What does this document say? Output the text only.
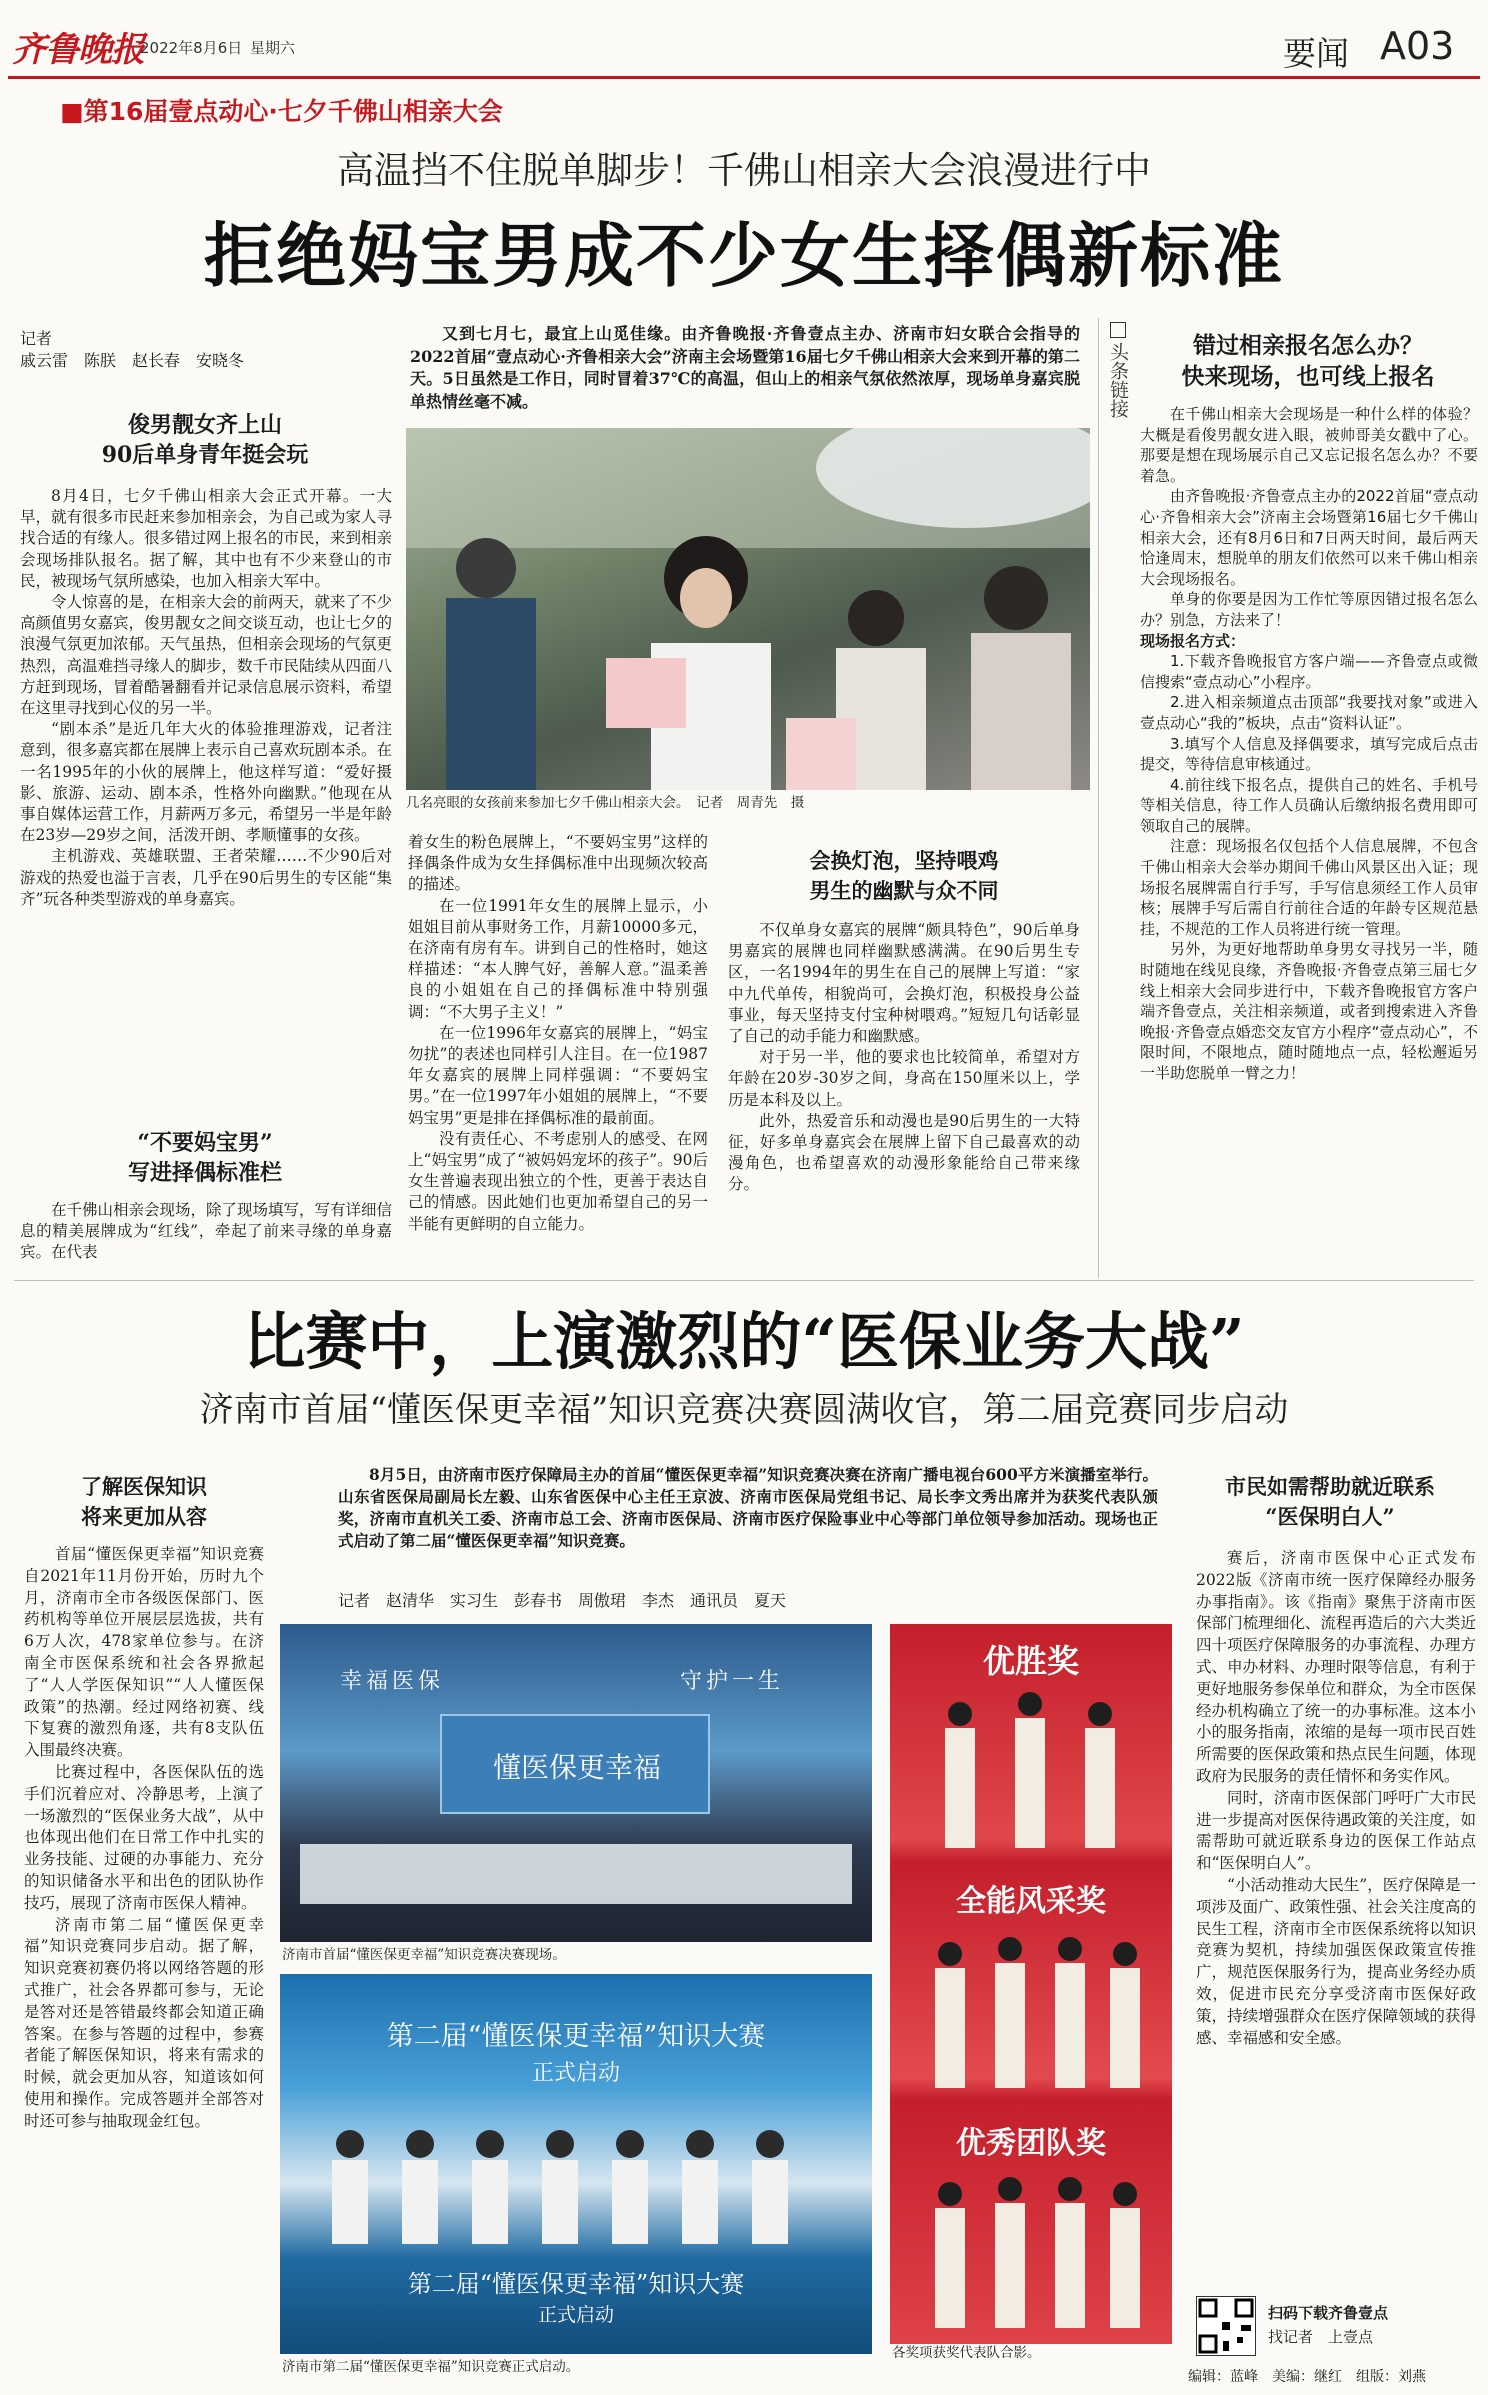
齐鲁晚报
2022年8月6日 星期六	要闻 A03
■第16届壹点动心·七夕千佛山相亲大会
高温挡不住脱单脚步！千佛山相亲大会浪漫进行中
拒绝妈宝男成不少女生择偶新标准
记者
戚云雷　陈朕　赵长春　安晓冬
又到七月七，最宜上山觅佳缘。由齐鲁晚报·齐鲁壹点主办、济南市妇女联合会指导的2022首届“壹点动心·齐鲁相亲大会”济南主会场暨第16届七夕千佛山相亲大会来到开幕的第二天。5日虽然是工作日，同时冒着37℃的高温，但山上的相亲气氛依然浓厚，现场单身嘉宾脱单热情丝毫不减。
几名亮眼的女孩前来参加七夕千佛山相亲大会。　记者　周青先　摄
俊男靓女齐上山
90后单身青年挺会玩

8月4日，七夕千佛山相亲大会正式开幕。一大早，就有很多市民赶来参加相亲会，为自己或为家人寻找合适的有缘人。很多错过网上报名的市民，来到相亲会现场排队报名。据了解，其中也有不少来登山的市民，被现场气氛所感染，也加入相亲大军中。

令人惊喜的是，在相亲大会的前两天，就来了不少高颜值男女嘉宾，俊男靓女之间交谈互动，也让七夕的浪漫气氛更加浓郁。天气虽热，但相亲会现场的气氛更热烈，高温难挡寻缘人的脚步，数千市民陆续从四面八方赶到现场，冒着酷暑翻看并记录信息展示资料，希望在这里寻找到心仪的另一半。

“剧本杀”是近几年大火的体验推理游戏，记者注意到，很多嘉宾都在展牌上表示自己喜欢玩剧本杀。在一名1995年的小伙的展牌上，他这样写道：“爱好摄影、旅游、运动、剧本杀，性格外向幽默。”他现在从事自媒体运营工作，月薪两万多元，希望另一半是年龄在23岁—29岁之间，活泼开朗、孝顺懂事的女孩。

主机游戏、英雄联盟、王者荣耀……不少90后对游戏的热爱也溢于言表，几乎在90后男生的专区能“集齐”玩各种类型游戏的单身嘉宾。

“不要妈宝男”
写进择偶标准栏

在千佛山相亲会现场，除了现场填写，写有详细信息的精美展牌成为“红线”，牵起了前来寻缘的单身嘉宾。在代表

着女生的粉色展牌上，“不要妈宝男”这样的择偶条件成为女生择偶标准中出现频次较高的描述。

在一位1991年女生的展牌上显示，小姐姐目前从事财务工作，月薪10000多元，在济南有房有车。讲到自己的性格时，她这样描述：“本人脾气好，善解人意。”温柔善良的小姐姐在自己的择偶标准中特别强调：“不大男子主义！”

在一位1996年女嘉宾的展牌上，“妈宝勿扰”的表述也同样引人注目。在一位1987年女嘉宾的展牌上同样强调：“不要妈宝男。”在一位1997年小姐姐的展牌上，“不要妈宝男”更是排在择偶标准的最前面。

没有责任心、不考虑别人的感受、在网上“妈宝男”成了“被妈妈宠坏的孩子”。90后女生普遍表现出独立的个性，更善于表达自己的情感。因此她们也更加希望自己的另一半能有更鲜明的自立能力。

会换灯泡，坚持喂鸡
男生的幽默与众不同

不仅单身女嘉宾的展牌“颇具特色”，90后单身男嘉宾的展牌也同样幽默感满满。在90后男生专区，一名1994年的男生在自己的展牌上写道：“家中九代单传，相貌尚可，会换灯泡，积极投身公益事业，每天坚持支付宝种树喂鸡。”短短几句话彰显了自己的动手能力和幽默感。

对于另一半，他的要求也比较简单，希望对方年龄在20岁-30岁之间，身高在150厘米以上，学历是本科及以上。

此外，热爱音乐和动漫也是90后男生的一大特征，好多单身嘉宾会在展牌上留下自己最喜欢的动漫角色，也希望喜欢的动漫形象能给自己带来缘分。

头条链接	错过相亲报名怎么办？
快来现场，也可线上报名

在千佛山相亲大会现场是一种什么样的体验？大概是看俊男靓女进入眼，被帅哥美女戳中了心。那要是想在现场展示自己又忘记报名怎么办？不要着急。

由齐鲁晚报·齐鲁壹点主办的2022首届“壹点动心·齐鲁相亲大会”济南主会场暨第16届七夕千佛山相亲大会，还有8月6日和7日两天时间，最后两天恰逢周末，想脱单的朋友们依然可以来千佛山相亲大会现场报名。

单身的你要是因为工作忙等原因错过报名怎么办？别急，方法来了！

现场报名方式：

1.下载齐鲁晚报官方客户端——齐鲁壹点或微信搜索“壹点动心”小程序。

2.进入相亲频道点击顶部“我要找对象”或进入壹点动心“我的”板块，点击“资料认证”。

3.填写个人信息及择偶要求，填写完成后点击提交，等待信息审核通过。

4.前往线下报名点，提供自己的姓名、手机号等相关信息，待工作人员确认后缴纳报名费用即可领取自己的展牌。

注意：现场报名仅包括个人信息展牌，不包含千佛山相亲大会举办期间千佛山风景区出入证；现场报名展牌需自行手写，手写信息须经工作人员审核；展牌手写后需自行前往合适的年龄专区规范悬挂，不规范的工作人员将进行统一管理。

另外，为更好地帮助单身男女寻找另一半，随时随地在线见良缘，齐鲁晚报·齐鲁壹点第三届七夕线上相亲大会同步进行中，下载齐鲁晚报官方客户端齐鲁壹点，关注相亲频道，或者到搜索进入齐鲁晚报·齐鲁壹点婚恋交友官方小程序“壹点动心”，不限时间，不限地点，随时随地点一点，轻松邂逅另一半助您脱单一臂之力！

比赛中，上演激烈的“医保业务大战”
济南市首届“懂医保更幸福”知识竞赛决赛圆满收官，第二届竞赛同步启动
了解医保知识
将来更加从容

首届“懂医保更幸福”知识竞赛自2021年11月份开始，历时九个月，济南市全市各级医保部门、医药机构等单位开展层层选拔，共有6万人次，478家单位参与。在济南全市医保系统和社会各界掀起了“人人学医保知识”“人人懂医保政策”的热潮。经过网络初赛、线下复赛的激烈角逐，共有8支队伍入围最终决赛。

比赛过程中，各医保队伍的选手们沉着应对、冷静思考，上演了一场激烈的“医保业务大战”，从中也体现出他们在日常工作中扎实的业务技能、过硬的办事能力、充分的知识储备水平和出色的团队协作技巧，展现了济南市医保人精神。

济南市第二届“懂医保更幸福”知识竞赛同步启动。据了解，知识竞赛初赛仍将以网络答题的形式推广，社会各界都可参与，无论是答对还是答错最终都会知道正确答案。在参与答题的过程中，参赛者能了解医保知识，将来有需求的时候，就会更加从容，知道该如何使用和操作。完成答题并全部答对时还可参与抽取现金红包。

8月5日，由济南市医疗保障局主办的首届“懂医保更幸福”知识竞赛决赛在济南广播电视台600平方米演播室举行。山东省医保局副局长左毅、山东省医保中心主任王京波、济南市医保局党组书记、局长李文秀出席并为获奖代表队颁奖，济南市直机关工委、济南市总工会、济南市医保局、济南市医疗保险事业中心等部门单位领导参加活动。现场也正式启动了第二届“懂医保更幸福”知识竞赛。
记者　赵清华　实习生　彭春书　周傲珺　李杰　通讯员　夏天
幸福医保	守护一生
懂医保更幸福
济南市首届“懂医保更幸福”知识竞赛决赛现场。
第二届“懂医保更幸福”知识大赛
正式启动
第二届“懂医保更幸福”知识大赛
正式启动
济南市第二届“懂医保更幸福”知识竞赛正式启动。
优胜奖
全能风采奖
优秀团队奖
各奖项获奖代表队合影。
市民如需帮助就近联系
“医保明白人”

赛后，济南市医保中心正式发布2022版《济南市统一医疗保障经办服务办事指南》。该《指南》聚焦于济南市医保部门梳理细化、流程再造后的六大类近四十项医疗保障服务的办事流程、办理方式、申办材料、办理时限等信息，有利于更好地服务参保单位和群众，为全市医保经办机构确立了统一的办事标准。这本小小的服务指南，浓缩的是每一项市民百姓所需要的医保政策和热点民生问题，体现政府为民服务的责任情怀和务实作风。

同时，济南市医保部门呼吁广大市民进一步提高对医保待遇政策的关注度，如需帮助可就近联系身边的医保工作站点和“医保明白人”。

“小活动推动大民生”，医疗保障是一项涉及面广、政策性强、社会关注度高的民生工程，济南市全市医保系统将以知识竞赛为契机，持续加强医保政策宣传推广，规范医保服务行为，提高业务经办质效，促进市民充分享受济南市医保好政策，持续增强群众在医疗保障领域的获得感、幸福感和安全感。

扫码下载齐鲁壹点
找记者　上壹点
编辑：蓝峰　美编：继红　组版：刘燕
